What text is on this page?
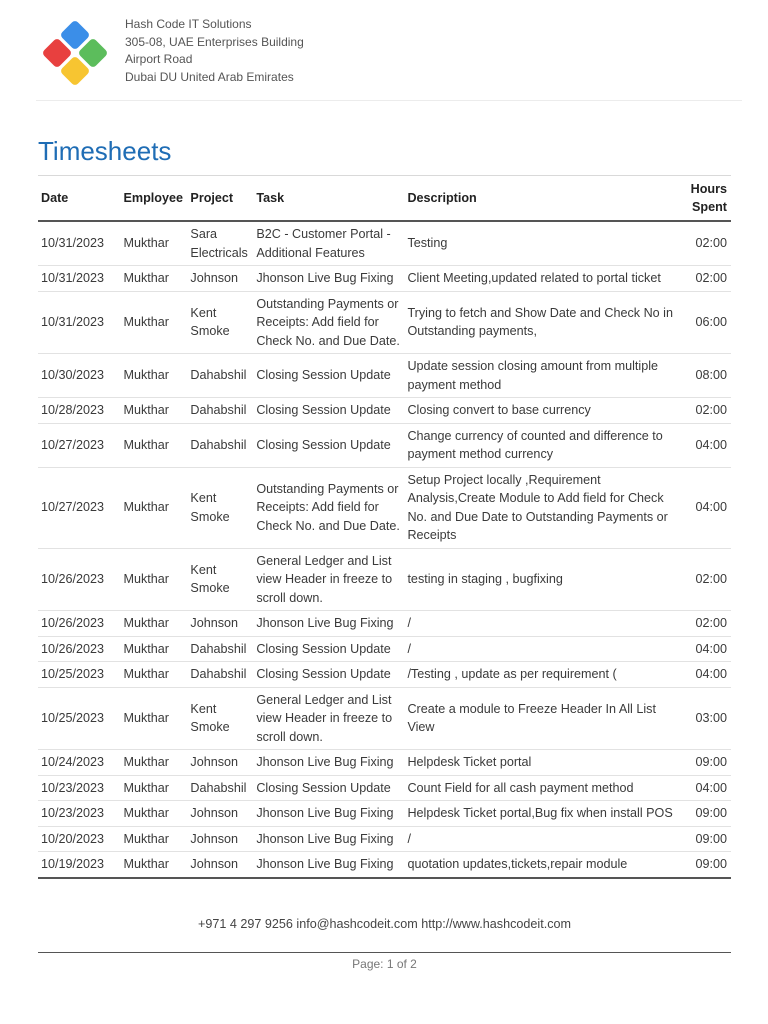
Hash Code IT Solutions
305-08, UAE Enterprises Building
Airport Road
Dubai DU United Arab Emirates
Timesheets
Date	Employee	Project	Task	Description	Hours
Spent
10/31/2023	Mukthar	Sara Electricals	B2C - Customer Portal - Additional Features	Testing	02:00
10/31/2023	Mukthar	Johnson	Jhonson Live Bug Fixing	Client Meeting,updated related to portal ticket	02:00
10/31/2023	Mukthar	Kent Smoke	Outstanding Payments or Receipts: Add field for Check No. and Due Date.	Trying to fetch and Show Date and Check No in Outstanding payments,	06:00
10/30/2023	Mukthar	Dahabshil	Closing Session Update	Update session closing amount from multiple payment method	08:00
10/28/2023	Mukthar	Dahabshil	Closing Session Update	Closing convert to base currency	02:00
10/27/2023	Mukthar	Dahabshil	Closing Session Update	Change currency of counted and difference to payment method currency	04:00
10/27/2023	Mukthar	Kent Smoke	Outstanding Payments or Receipts: Add field for Check No. and Due Date.	Setup Project locally ,Requirement Analysis,Create Module to Add field for Check No. and Due Date to Outstanding Payments or Receipts	04:00
10/26/2023	Mukthar	Kent Smoke	General Ledger and List view Header in freeze to scroll down.	testing in staging , bugfixing	02:00
10/26/2023	Mukthar	Johnson	Jhonson Live Bug Fixing	/	02:00
10/26/2023	Mukthar	Dahabshil	Closing Session Update	/	04:00
10/25/2023	Mukthar	Dahabshil	Closing Session Update	/Testing , update as per requirement (	04:00
10/25/2023	Mukthar	Kent Smoke	General Ledger and List view Header in freeze to scroll down.	Create a module to Freeze Header In All List View	03:00
10/24/2023	Mukthar	Johnson	Jhonson Live Bug Fixing	Helpdesk Ticket portal	09:00
10/23/2023	Mukthar	Dahabshil	Closing Session Update	Count Field for all cash payment method	04:00
10/23/2023	Mukthar	Johnson	Jhonson Live Bug Fixing	Helpdesk Ticket portal,Bug fix when install POS	09:00
10/20/2023	Mukthar	Johnson	Jhonson Live Bug Fixing	/	09:00
10/19/2023	Mukthar	Johnson	Jhonson Live Bug Fixing	quotation updates,tickets,repair module	09:00
+971 4 297 9256 info@hashcodeit.com http://www.hashcodeit.com
Page: 1 of 2
